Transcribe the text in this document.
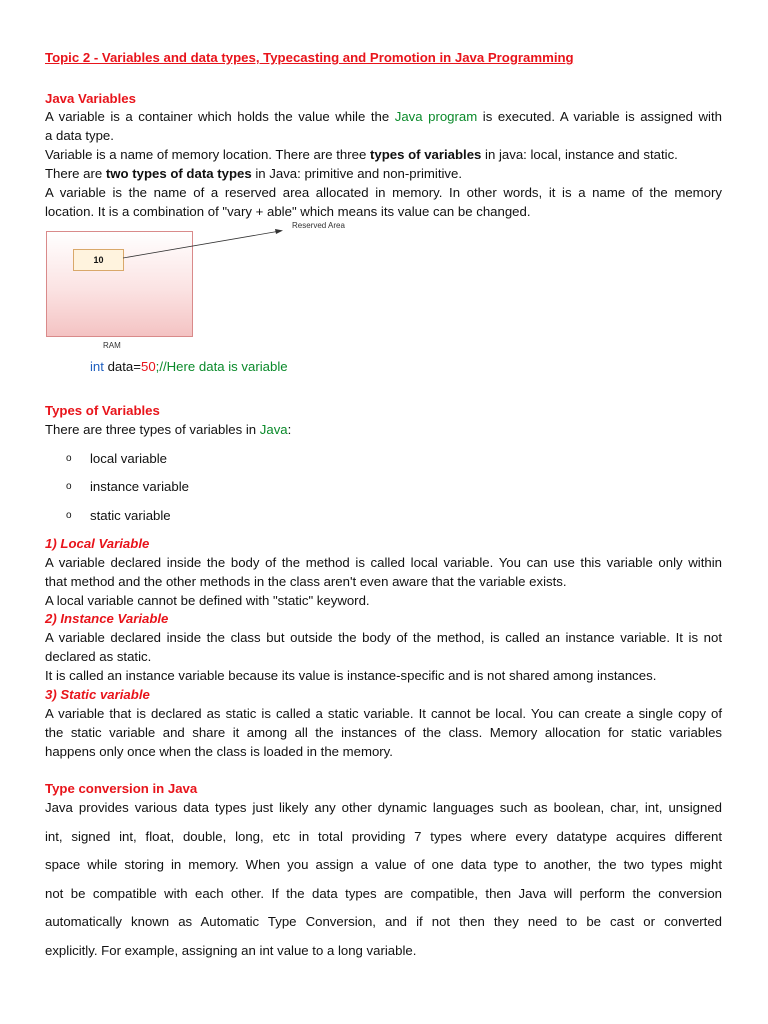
Topic 2 - Variables and data types, Typecasting and Promotion in Java Programming
Java Variables
A variable is a container which holds the value while the Java program is executed. A variable is assigned with
a data type.
Variable is a name of memory location. There are three types of variables in java: local, instance and static.
There are two types of data types in Java: primitive and non-primitive.
A variable is the name of a reserved area allocated in memory. In other words, it is a name of the memory
location. It is a combination of "vary + able" which means its value can be changed.
10
Reserved Area
RAM
int data=50;//Here data is variable
Types of Variables
There are three types of variables in Java:
o local variable
o instance variable
o static variable
1) Local Variable
A variable declared inside the body of the method is called local variable. You can use this variable only within
that method and the other methods in the class aren't even aware that the variable exists.
A local variable cannot be defined with "static" keyword.
2) Instance Variable
A variable declared inside the class but outside the body of the method, is called an instance variable. It is not
declared as static.
It is called an instance variable because its value is instance-specific and is not shared among instances.
3) Static variable
A variable that is declared as static is called a static variable. It cannot be local. You can create a single copy of
the static variable and share it among all the instances of the class. Memory allocation for static variables
happens only once when the class is loaded in the memory.
Type conversion in Java
Java provides various data types just likely any other dynamic languages such as boolean, char, int, unsigned
int, signed int, float, double, long, etc in total providing 7 types where every datatype acquires different
space while storing in memory. When you assign a value of one data type to another, the two types might
not be compatible with each other. If the data types are compatible, then Java will perform the conversion
automatically known as Automatic Type Conversion, and if not then they need to be cast or converted
explicitly. For example, assigning an int value to a long variable.
